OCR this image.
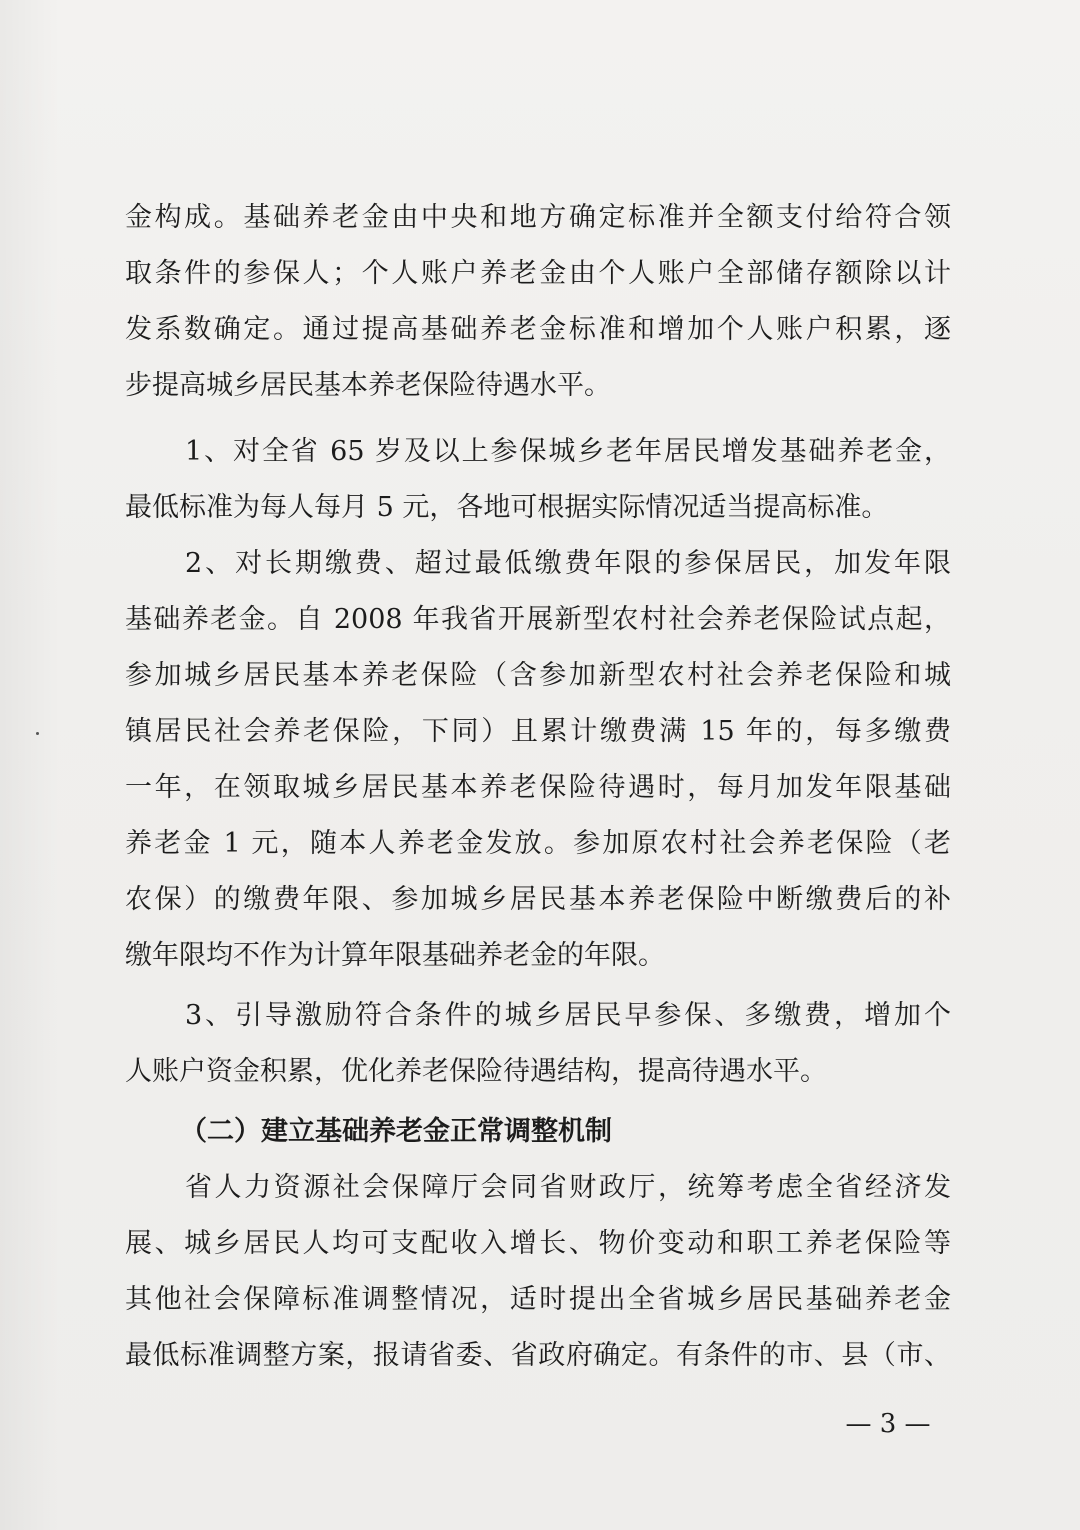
金构成。基础养老金由中央和地方确定标准并全额支付给符合领
取条件的参保人；个人账户养老金由个人账户全部储存额除以计
发系数确定。通过提高基础养老金标准和增加个人账户积累，逐
步提高城乡居民基本养老保险待遇水平。
1、对全省 65 岁及以上参保城乡老年居民增发基础养老金，
最低标准为每人每月 5 元，各地可根据实际情况适当提高标准。
2、对长期缴费、超过最低缴费年限的参保居民，加发年限
基础养老金。自 2008 年我省开展新型农村社会养老保险试点起，
参加城乡居民基本养老保险（含参加新型农村社会养老保险和城
镇居民社会养老保险，下同）且累计缴费满 15 年的，每多缴费
一年，在领取城乡居民基本养老保险待遇时，每月加发年限基础
养老金 1 元，随本人养老金发放。参加原农村社会养老保险（老
农保）的缴费年限、参加城乡居民基本养老保险中断缴费后的补
缴年限均不作为计算年限基础养老金的年限。
3、引导激励符合条件的城乡居民早参保、多缴费，增加个
人账户资金积累，优化养老保险待遇结构，提高待遇水平。
（二）建立基础养老金正常调整机制
省人力资源社会保障厅会同省财政厅，统筹考虑全省经济发
展、城乡居民人均可支配收入增长、物价变动和职工养老保险等
其他社会保障标准调整情况，适时提出全省城乡居民基础养老金
最低标准调整方案，报请省委、省政府确定。有条件的市、县（市、
— 3 —
